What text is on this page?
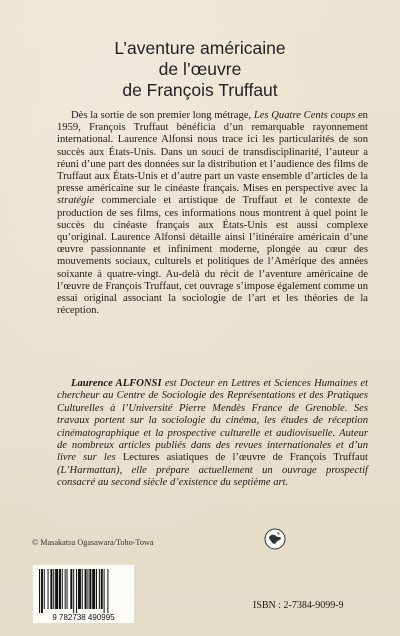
L’aventure américaine
de l’œuvre
de François Truffaut

Dès la sortie de son premier long métrage, Les Quatre Cents coups en 1959, François Truffaut bénéficia d’un remarquable rayonnement international. Laurence Alfonsi nous trace ici les particularités de son succès aux États-Unis. Dans un souci de transdisciplinarité, l’auteur a réuni d’une part des données sur la distribution et l’audience des films de Truffaut aux États-Unis et d’autre part un vaste ensemble d’articles de la presse américaine sur le cinéaste français. Mises en perspective avec la stratégie commerciale et artistique de Truffaut et le contexte de production de ses films, ces informations nous montrent à quel point le succès du cinéaste français aux États-Unis est aussi complexe qu’original. Laurence Alfonsi détaille ainsi l’itinéraire américain d’une œuvre passionnante et infiniment moderne, plongée au cœur des mouvements sociaux, culturels et politiques de l’Amérique des années soixante à quatre-vingt. Au-delà du récit de l’aventure américaine de l’œuvre de François Truffaut, cet ouvrage s’impose également comme un essai original associant la sociologie de l’art et les théories de la réception.

Laurence ALFONSI est Docteur en Lettres et Sciences Humaines et chercheur au Centre de Sociologie des Représentations et des Pratiques Culturelles à l’Université Pierre Mendès France de Grenoble. Ses travaux portent sur la sociologie du cinéma, les études de réception cinématographique et la prospective culturelle et audiovisuelle. Auteur de nombreux articles publiés dans des revues internationales et d’un livre sur les Lectures asiatiques de l’œuvre de François Truffaut (L’Harmattan), elle prépare actuellement un ouvrage prospectif consacré au second siècle d’existence du septième art.

© Masakatsu Ogasawara/Toho-Towa
9 782738 490995
ISBN : 2-7384-9099-9
